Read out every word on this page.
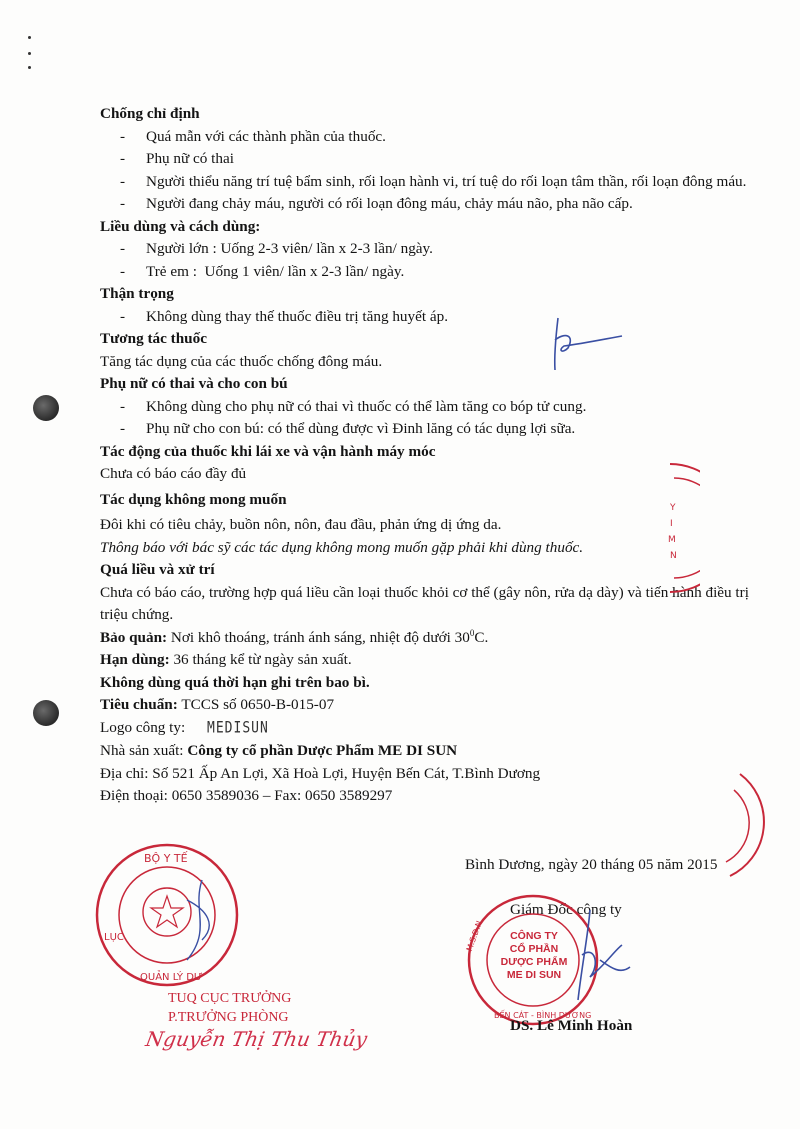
Chống chỉ định
- Quá mẫn với các thành phần của thuốc.
- Phụ nữ có thai
- Người thiểu năng trí tuệ bẩm sinh, rối loạn hành vi, trí tuệ do rối loạn tâm thần, rối loạn đông máu.
- Người đang chảy máu, người có rối loạn đông máu, chảy máu não, pha não cấp.
Liều dùng và cách dùng:
- Người lớn : Uống 2-3 viên/ lần x 2-3 lần/ ngày.
- Trẻ em :  Uống 1 viên/ lần x 2-3 lần/ ngày.
Thận trọng
- Không dùng thay thế thuốc điều trị tăng huyết áp.
Tương tác thuốc
Tăng tác dụng của các thuốc chống đông máu.
Phụ nữ có thai và cho con bú
- Không dùng cho phụ nữ có thai vì thuốc có thể làm tăng co bóp tử cung.
- Phụ nữ cho con bú: có thể dùng được vì Đinh lăng có tác dụng lợi sữa.
Tác động của thuốc khi lái xe và vận hành máy móc
Chưa có báo cáo đầy đủ
Tác dụng không mong muốn
Đôi khi có tiêu chảy, buồn nôn, nôn, đau đầu, phản ứng dị ứng da.
Thông báo với bác sỹ các tác dụng không mong muốn gặp phải khi dùng thuốc.
Quá liều và xử trí
Chưa có báo cáo, trường hợp quá liều cần loại thuốc khỏi cơ thể (gây nôn, rửa dạ dày) và tiến hành điều trị triệu chứng.
Bảo quản: Nơi khô thoáng, tránh ánh sáng, nhiệt độ dưới $30^0C$.
Hạn dùng: 36 tháng kể từ ngày sản xuất.
Không dùng quá thời hạn ghi trên bao bì.
Tiêu chuẩn: TCCS số 0650-B-015-07
Logo công ty: MEDISUN
Nhà sản xuất: Công ty cổ phần Dược Phẩm ME DI SUN
Địa chỉ: Số 521 Ấp An Lợi, Xã Hoà Lợi, Huyện Bến Cát, T.Bình Dương
Điện thoại: 0650 3589036 – Fax: 0650 3589297
Y
I
M
N
BỘ Y TẾ
LỤC
QUẢN LÝ DƯ
TUQ CỤC TRƯỞNG
P.TRƯỞNG PHÒNG
Nguyễn Thị Thu Thủy
Bình Dương, ngày 20 tháng 05 năm 2015
Giám Đốc công ty
M.S.D.N
BẾN CÁT - BÌNH DƯƠNG
CÔNG TY
CỔ PHẦN
DƯỢC PHẨM
ME DI SUN
DS. Lê Minh Hoàn
